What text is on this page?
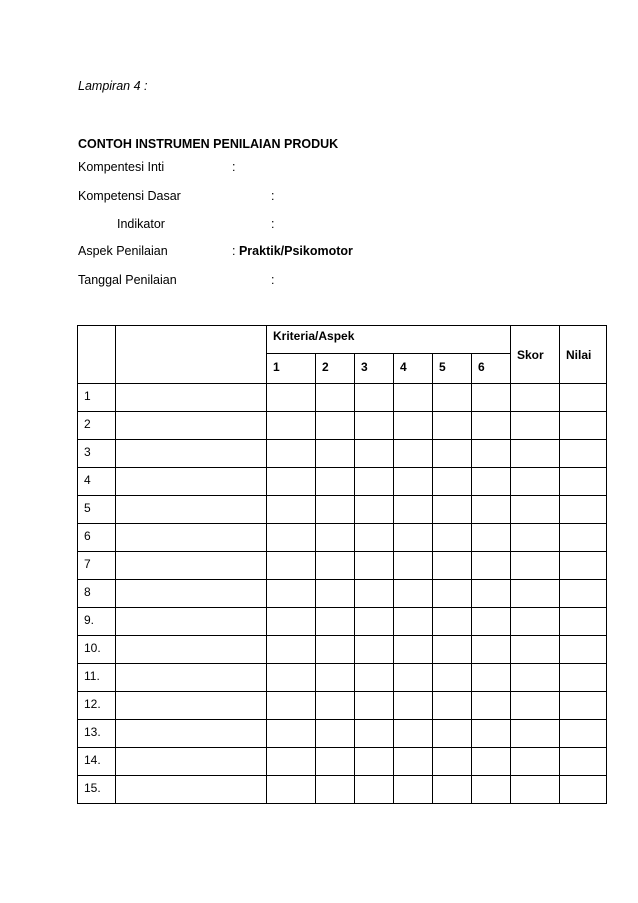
Lampiran 4 :
CONTOH INSTRUMEN PENILAIAN PRODUK
Kompentesi Inti	:
Kompetensi Dasar	:
Indikator	:
Aspek Penilaian	: Praktik/Psikomotor
Tanggal Penilaian	:

		Kriteria/Aspek						Skor	Nilai

		1	2	3	4	5	6		

1									

2									

3									

4									

5									

6									

7									

8									

9.									

10.									

11.									

12.									

13.									

14.									

15.									
